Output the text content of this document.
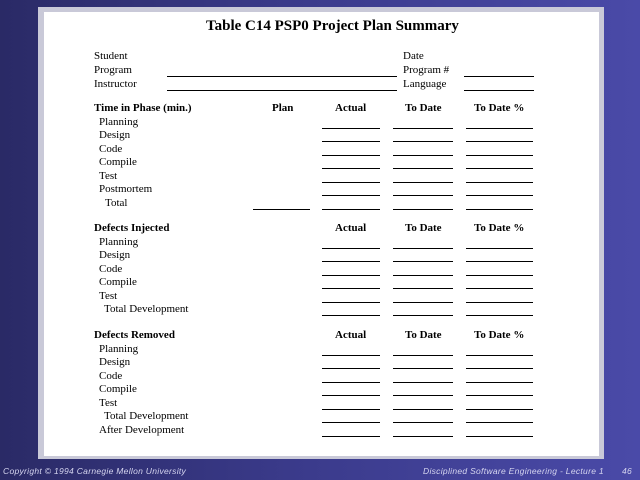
Table C14 PSP0 Project Plan Summary
Student
Program
Instructor
Date
Program #
Language
Time in Phase (min.)	Plan	Actual	To Date	To Date %
Planning
Design
Code
Compile
Test
Postmortem
Total
Defects Injected	Actual	To Date	To Date %
Planning
Design
Code
Compile
Test
Total Development
Defects Removed	Actual	To Date	To Date %
Planning
Design
Code
Compile
Test
Total Development
After Development
Copyright © 1994 Carnegie Mellon University	Disciplined Software Engineering - Lecture 1 46
